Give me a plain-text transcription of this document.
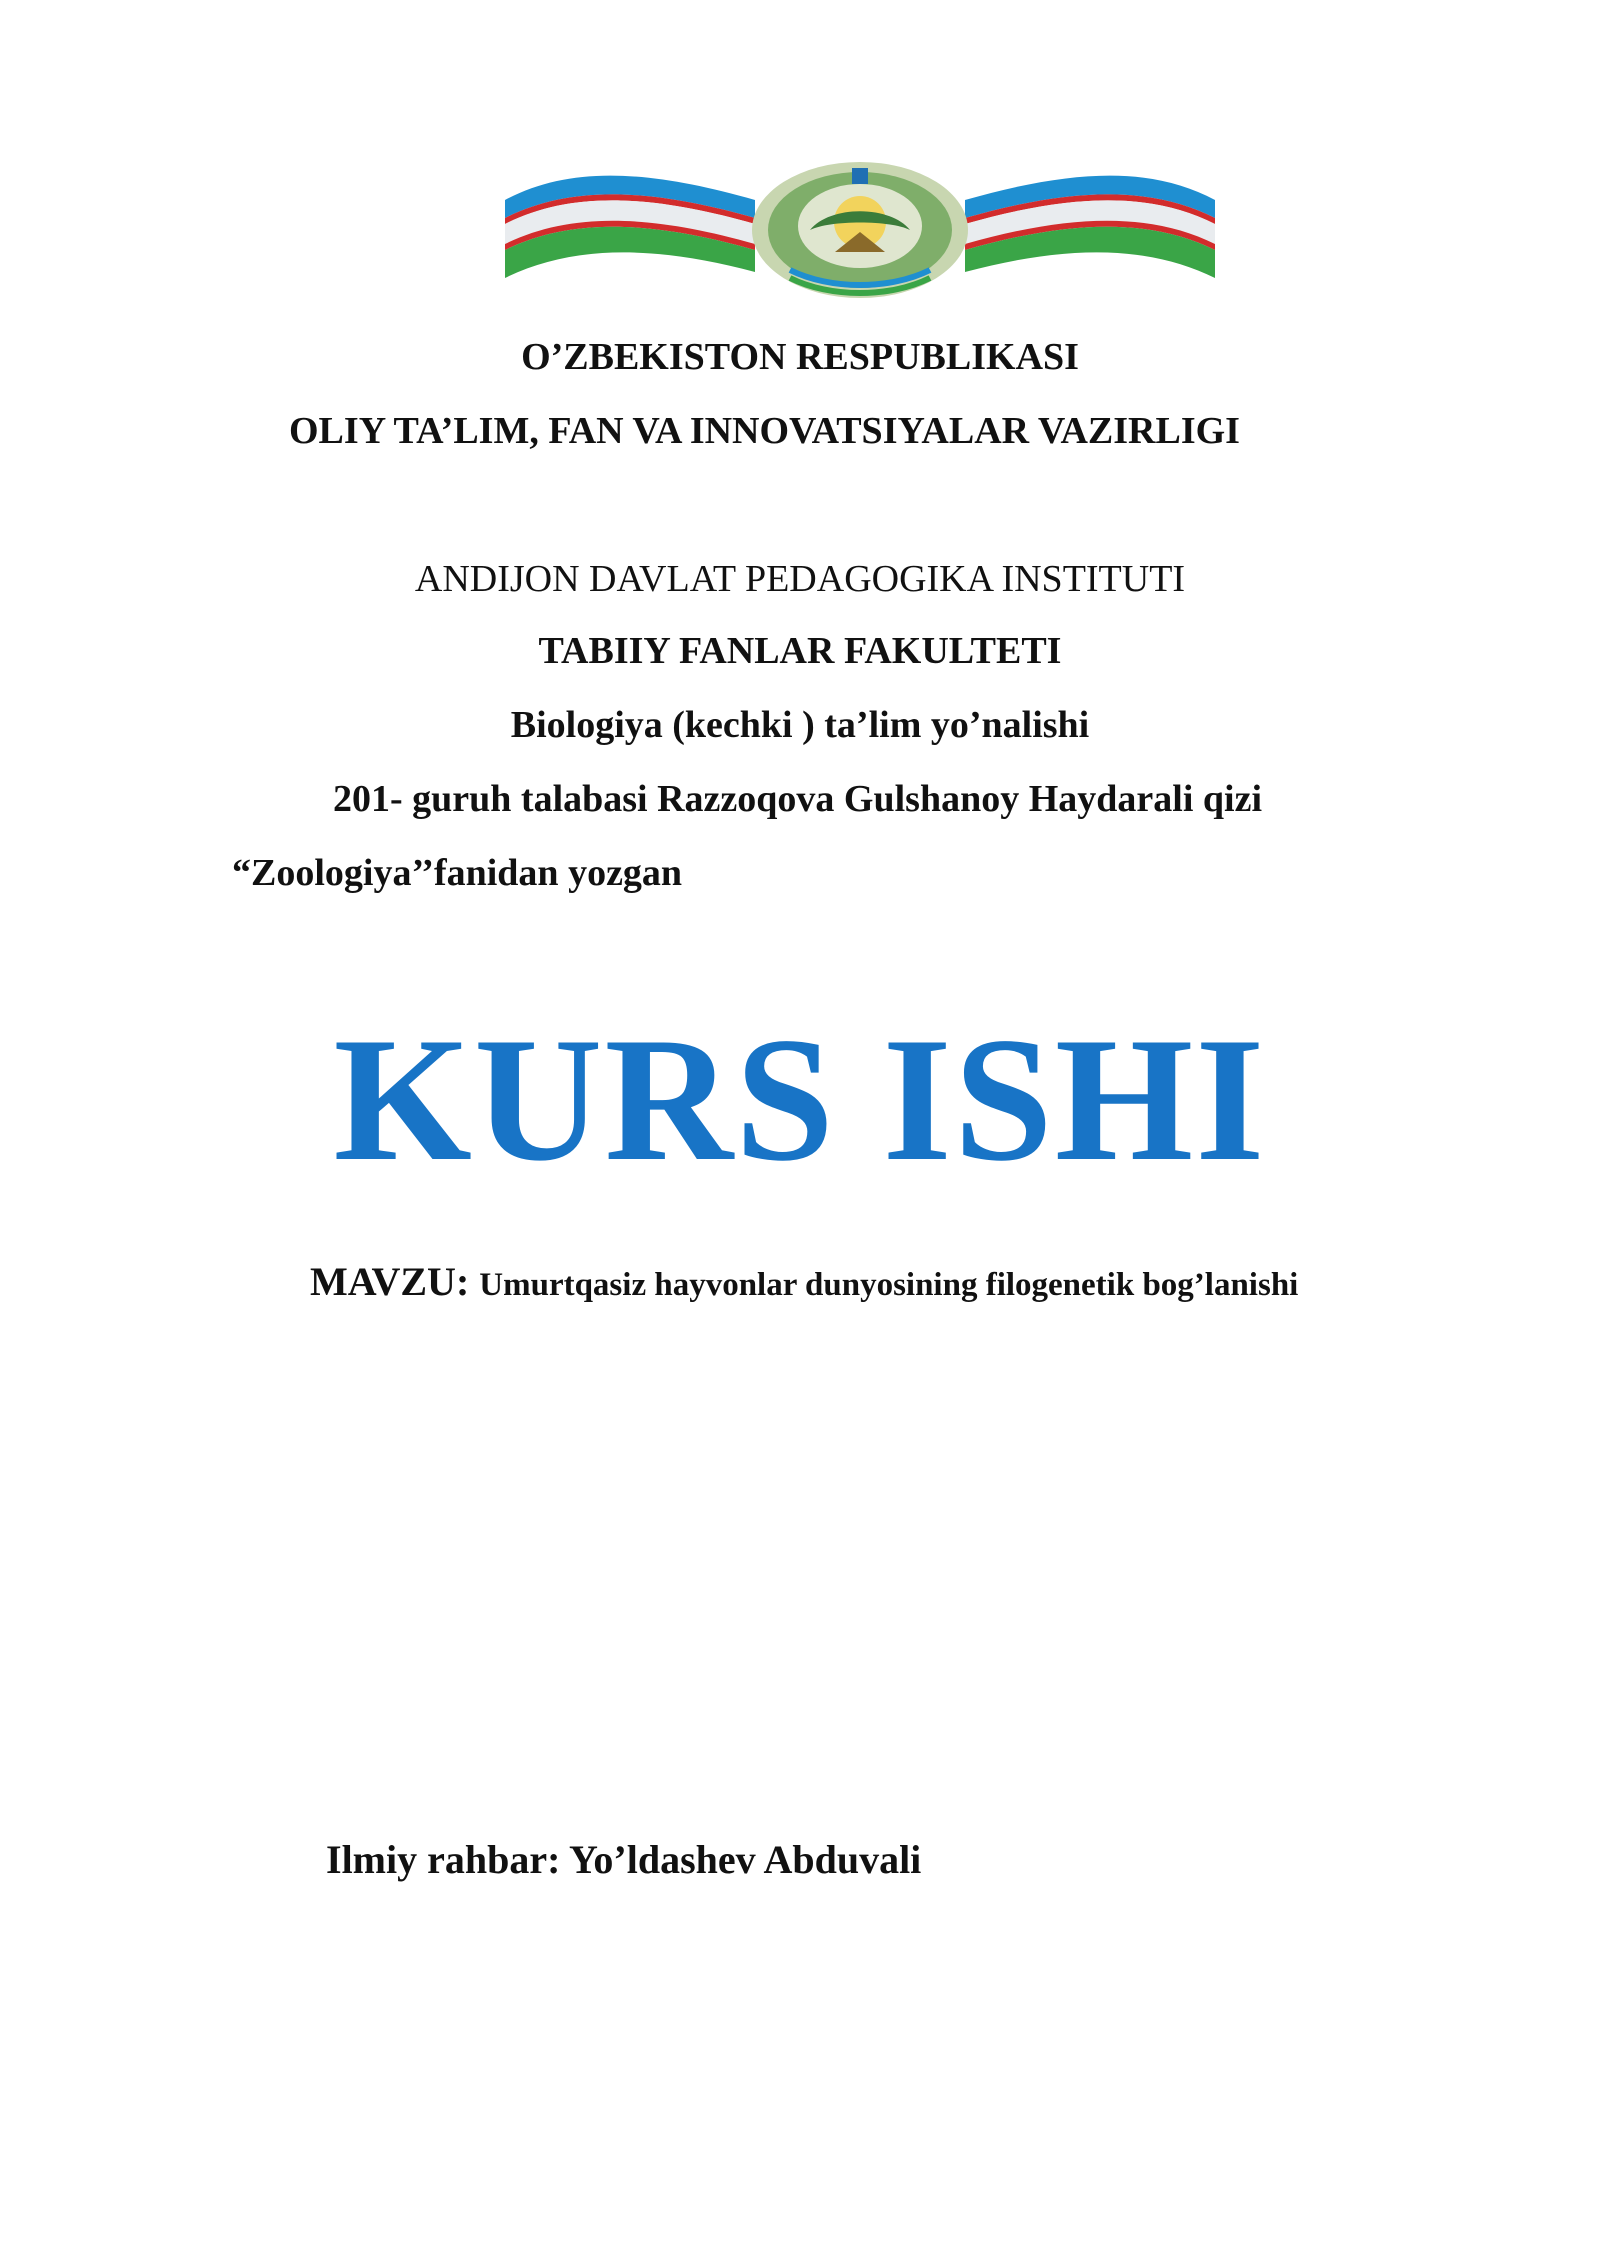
O’ZBEKISTON RESPUBLIKASI
OLIY TA’LIM, FAN VA INNOVATSIYALAR VAZIRLIGI
ANDIJON DAVLAT PEDAGOGIKA INSTITUTI
TABIIY FANLAR FAKULTETI
Biologiya (kechki ) ta’lim yo’nalishi
201- guruh talabasi Razzoqova Gulshanoy Haydarali qizi
“Zoologiya’’fanidan yozgan
KURS ISHI
MAVZU: Umurtqasiz hayvonlar dunyosining filogenetik bog’lanishi
Ilmiy rahbar: Yo’ldashev Abduvali
